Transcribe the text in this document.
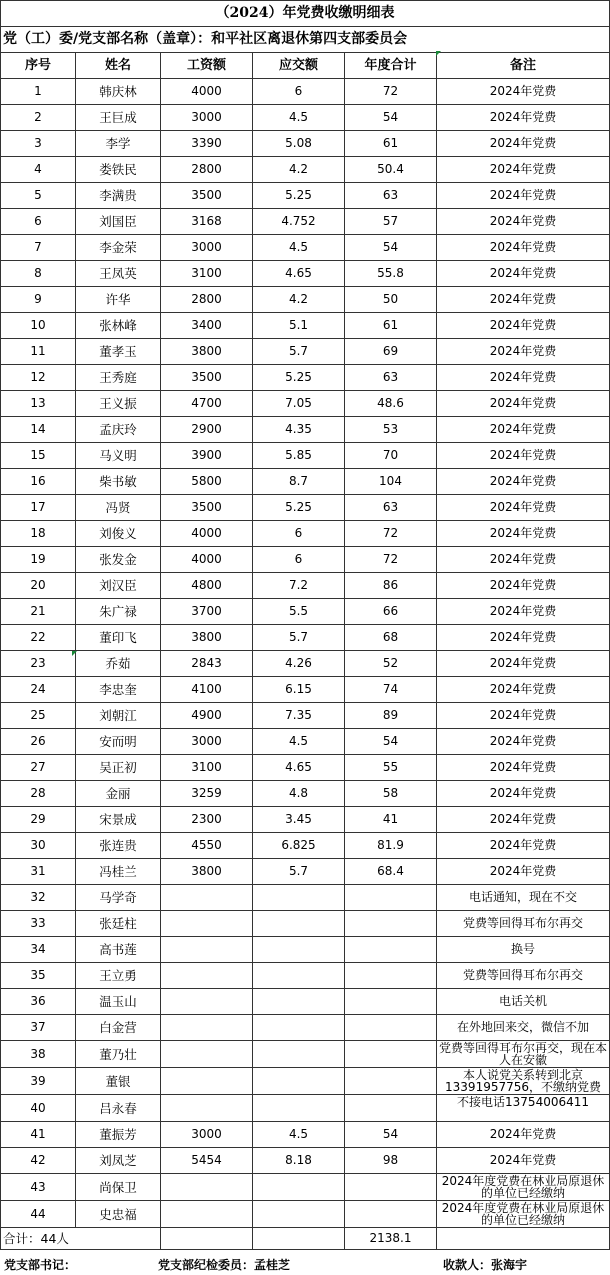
（2024）年党费收缴明细表					
党（工）委/党支部名称（盖章）：和平社区离退休第四支部委员会					
序号	姓名	工资额	应交额	年度合计	备注
1	韩庆林	4000	6	72	2024年党费
2	王巨成	3000	4.5	54	2024年党费
3	李学	3390	5.08	61	2024年党费
4	娄铁民	2800	4.2	50.4	2024年党费
5	李满贵	3500	5.25	63	2024年党费
6	刘国臣	3168	4.752	57	2024年党费
7	李金荣	3000	4.5	54	2024年党费
8	王凤英	3100	4.65	55.8	2024年党费
9	许华	2800	4.2	50	2024年党费
10	张林峰	3400	5.1	61	2024年党费
11	董孝玉	3800	5.7	69	2024年党费
12	王秀庭	3500	5.25	63	2024年党费
13	王义振	4700	7.05	48.6	2024年党费
14	孟庆玲	2900	4.35	53	2024年党费
15	马义明	3900	5.85	70	2024年党费
16	柴书敏	5800	8.7	104	2024年党费
17	冯贤	3500	5.25	63	2024年党费
18	刘俊义	4000	6	72	2024年党费
19	张发金	4000	6	72	2024年党费
20	刘汉臣	4800	7.2	86	2024年党费
21	朱广禄	3700	5.5	66	2024年党费
22	董印飞	3800	5.7	68	2024年党费
23	乔茹	2843	4.26	52	2024年党费
24	李忠奎	4100	6.15	74	2024年党费
25	刘朝江	4900	7.35	89	2024年党费
26	安而明	3000	4.5	54	2024年党费
27	吴正初	3100	4.65	55	2024年党费
28	金丽	3259	4.8	58	2024年党费
29	宋景成	2300	3.45	41	2024年党费
30	张连贵	4550	6.825	81.9	2024年党费
31	冯桂兰	3800	5.7	68.4	2024年党费
32	马学奇				电话通知，现在不交
33	张廷柱				党费等回得耳布尔再交
34	高书莲				换号
35	王立勇				党费等回得耳布尔再交
36	温玉山				电话关机
37	白金营				在外地回来交，微信不加
38	董乃壮				党费等回得耳布尔再交，现在本人在安徽
39	董银				本人说党关系转到北京13391957756，不缴纳党费
40	吕永春				不接电话13754006411
41	董振芳	3000	4.5	54	2024年党费
42	刘凤芝	5454	8.18	98	2024年党费
43	尚保卫				2024年度党费在林业局原退休的单位已经缴纳
44	史忠福				2024年度党费在林业局原退休的单位已经缴纳
合计：44人				2138.1	
党支部书记：	党支部纪检委员：孟桂芝	收款人：张海宇
